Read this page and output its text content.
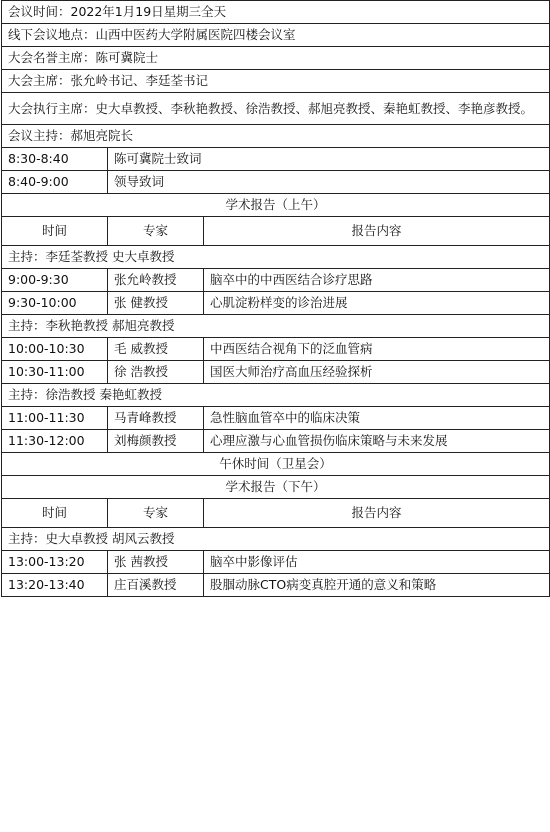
会议时间：2022年1月19日星期三全天		
线下会议地点：山西中医药大学附属医院四楼会议室		
大会名誉主席：陈可冀院士		
大会主席：张允岭书记、李廷荃书记		
大会执行主席：史大卓教授、李秋艳教授、徐浩教授、郝旭亮教授、秦艳虹教授、李艳彦教授。		
会议主持：郝旭亮院长		
8:30-8:40	陈可冀院士致词	
8:40-9:00	领导致词	
学术报告（上午）		
时间	专家	报告内容
主持：李廷荃教授 史大卓教授		
9:00-9:30	张允岭教授	脑卒中的中西医结合诊疗思路
9:30-10:00	张 健教授	心肌淀粉样变的诊治进展
主持：李秋艳教授 郝旭亮教授		
10:00-10:30	毛 威教授	中西医结合视角下的泛血管病
10:30-11:00	徐 浩教授	国医大师治疗高血压经验探析
主持：徐浩教授 秦艳虹教授		
11:00-11:30	马青峰教授	急性脑血管卒中的临床决策
11:30-12:00	刘梅颜教授	心理应激与心血管损伤临床策略与未来发展
午休时间（卫星会）		
学术报告（下午）		
时间	专家	报告内容
主持：史大卓教授 胡风云教授		
13:00-13:20	张 茜教授	脑卒中影像评估
13:20-13:40	庄百溪教授	股腘动脉CTO病变真腔开通的意义和策略
